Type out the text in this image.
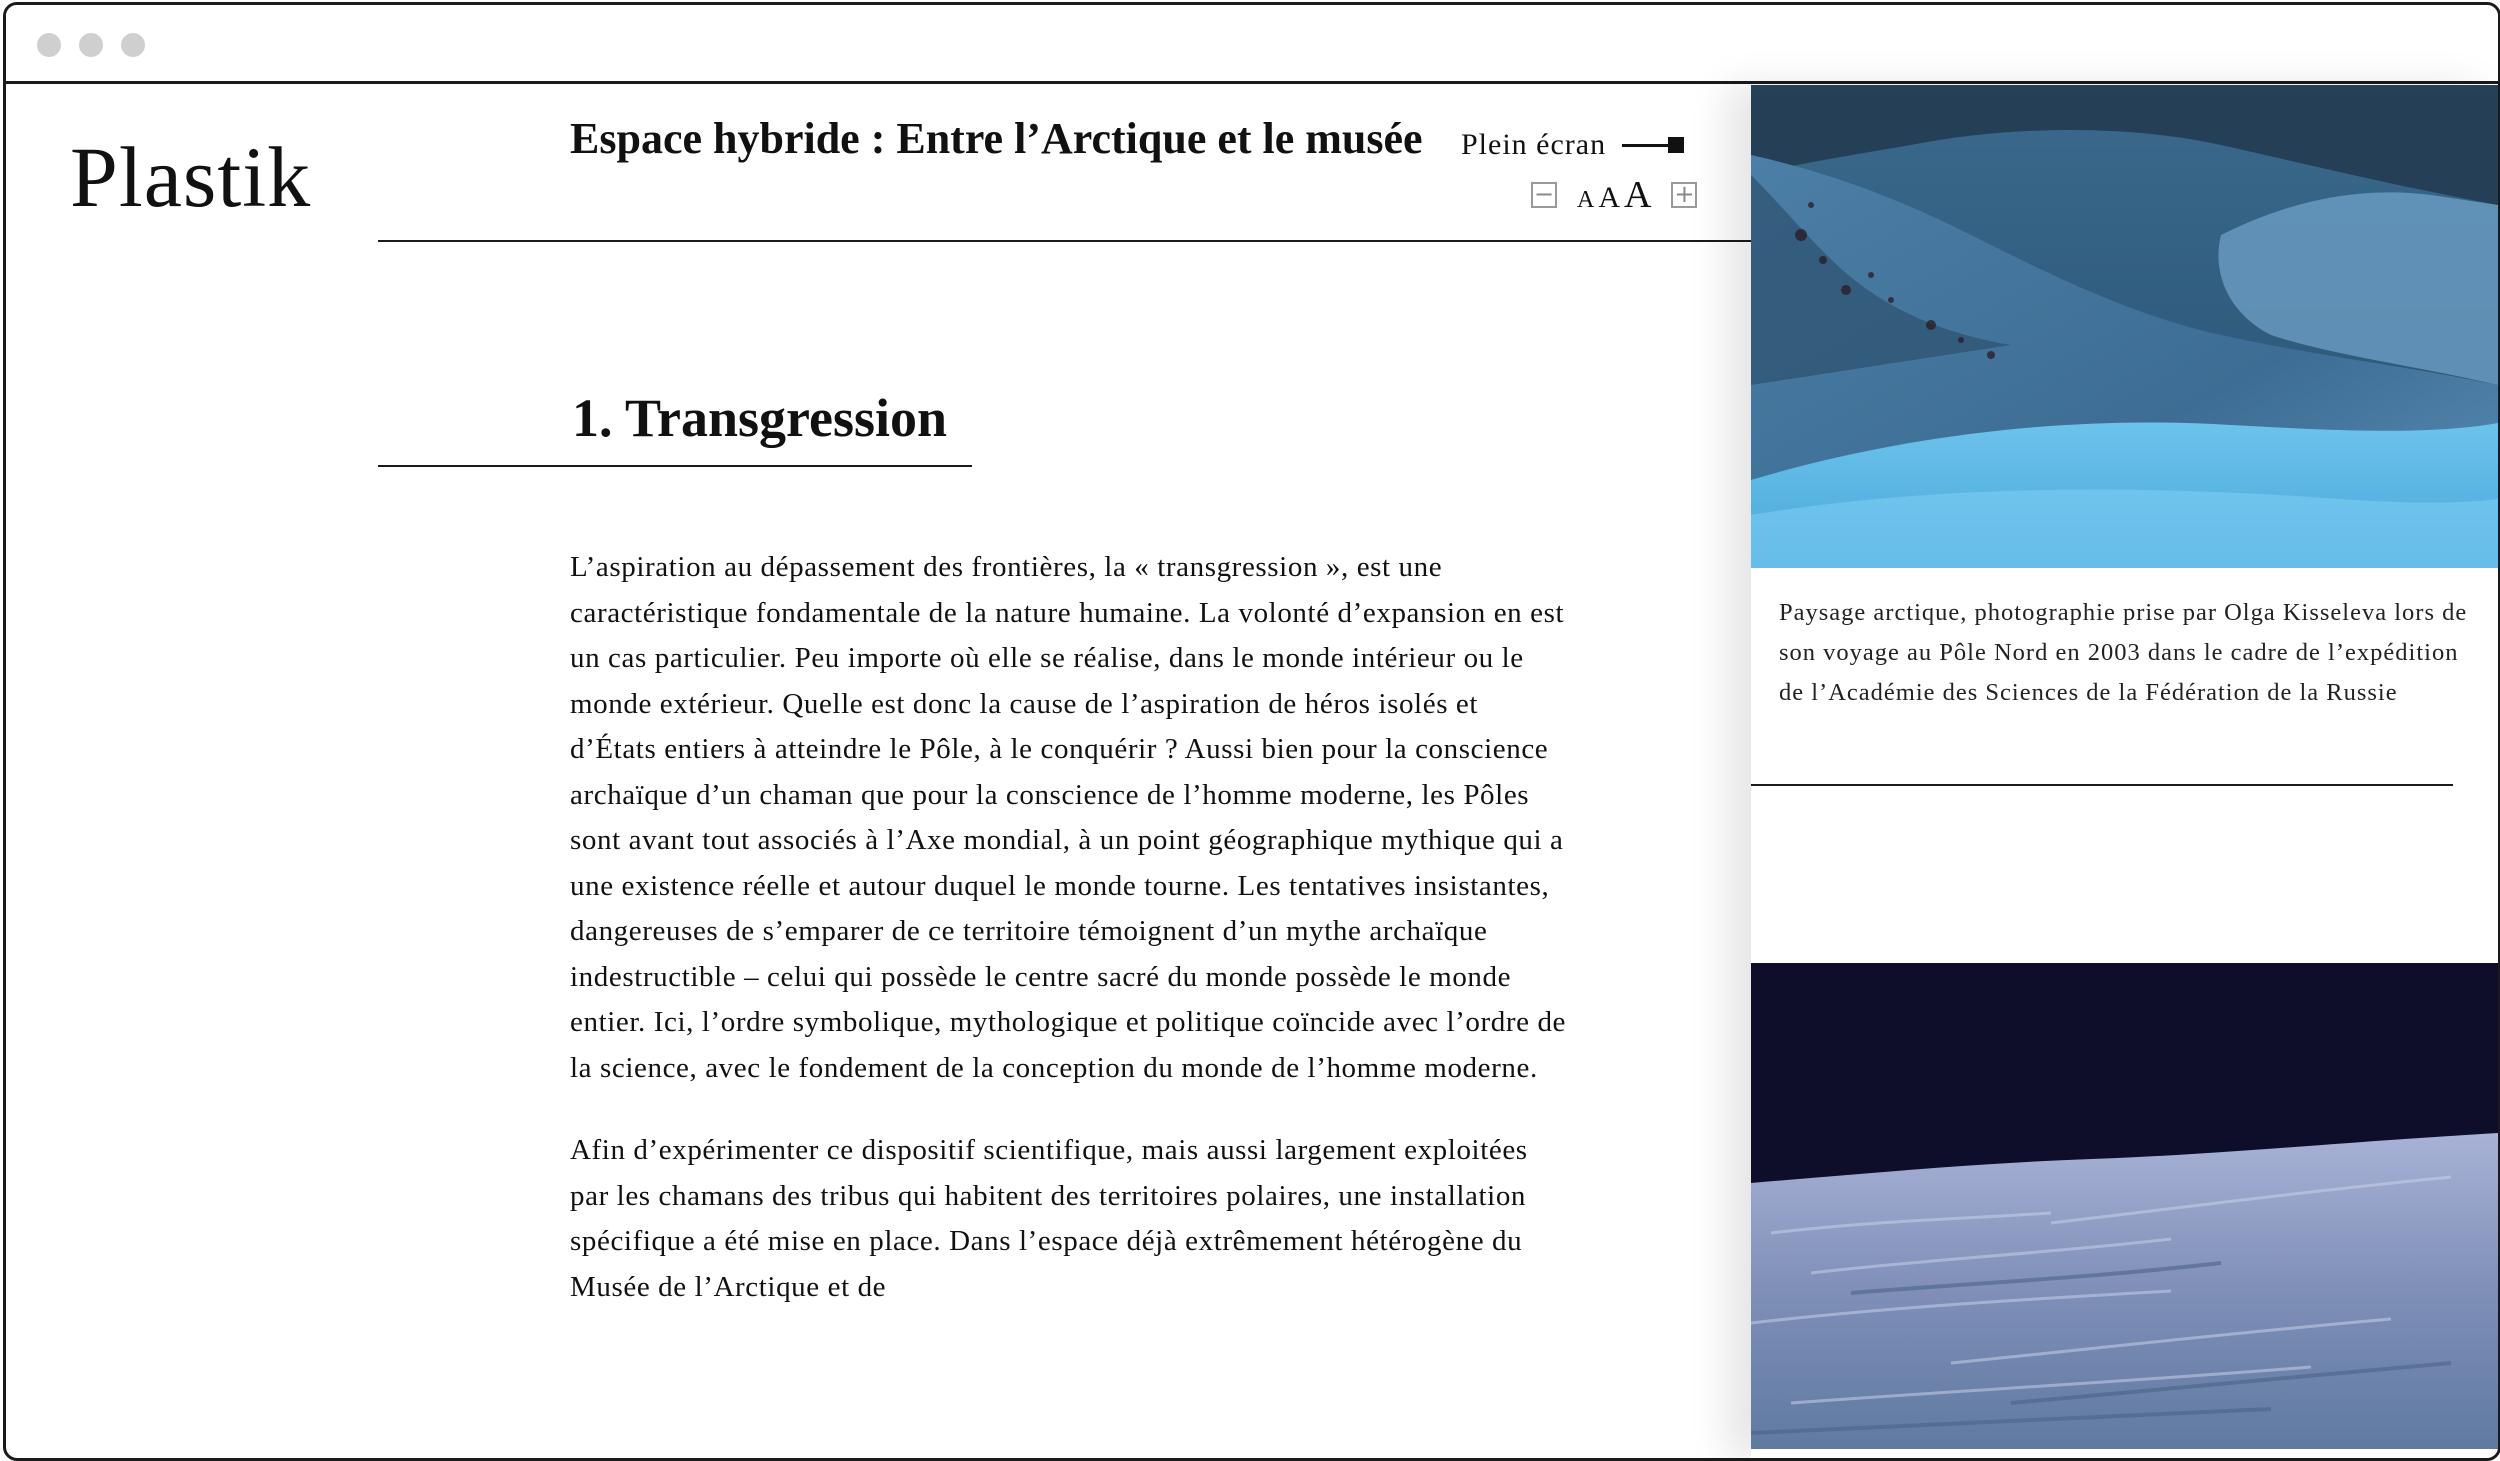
Plastik	Espace hybride : Entre l’Arctique et le musée Plein écran
− A A A +
1. Transgression

L’aspiration au dépassement des frontières, la « transgression », est une caractéristique fondamentale de la nature humaine. La volonté d’expansion en est un cas particulier. Peu importe où elle se réalise, dans le monde intérieur ou le monde extérieur. Quelle est donc la cause de l’aspiration de héros isolés et d’États entiers à atteindre le Pôle, à le conquérir ? Aussi bien pour la conscience archaïque d’un chaman que pour la conscience de l’homme moderne, les Pôles sont avant tout associés à l’Axe mondial, à un point géographique mythique qui a une existence réelle et autour duquel le monde tourne. Les tentatives insistantes, dangereuses de s’emparer de ce territoire témoignent d’un mythe archaïque indestructible – celui qui possède le centre sacré du monde possède le monde entier. Ici, l’ordre symbolique, mythologique et politique coïncide avec l’ordre de la science, avec le fondement de la conception du monde de l’homme moderne.

Afin d’expérimenter ce dispositif scientifique, mais aussi largement exploitées par les chamans des tribus qui habitent des territoires polaires, une installation spécifique a été mise en place. Dans l’espace déjà extrêmement hétérogène du Musée de l’Arctique et de

Paysage arctique, photographie prise par Olga Kisseleva lors de son voyage au Pôle Nord en 2003 dans le cadre de l’expédition de l’Académie des Sciences de la Fédération de la Russie
